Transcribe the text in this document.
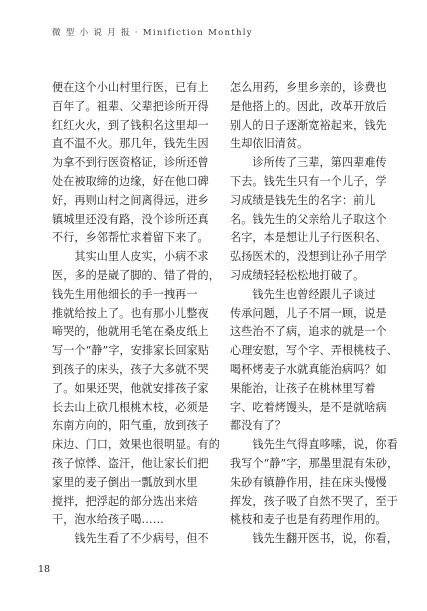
微 型 小 说 月 报 · Minifiction Monthly
便在这个小山村里行医，已有上
百年了。祖辈、父辈把诊所开得
红红火火，到了钱积名这里却一
直不温不火。那几年，钱先生因
为拿不到行医资格证，诊所还曾
处在被取缔的边缘，好在他口碑
好，再则山村之间离得远，进乡
镇城里还没有路，没个诊所还真
不行，乡邻帮忙求着留下来了。
　　其实山里人皮实，小病不求
医，多的是崴了脚的、错了骨的，
钱先生用他细长的手一拽再一
推就给按上了。也有那小儿整夜
啼哭的，他就用毛笔在桑皮纸上
写一个“静”字，安排家长回家贴
到孩子的床头，孩子大多就不哭
了。如果还哭，他就安排孩子家
长去山上砍几根桃木枝，必须是
东南方向的，阳气重，放到孩子
床边、门口，效果也很明显。有的
孩子惊悸、盗汗，他让家长们把
家里的麦子倒出一瓢放到水里
搅拌，把浮起的部分选出来焙
干，泡水给孩子喝……
　　钱先生看了不少病号，但不
怎么用药，乡里乡亲的，诊费也
是他搭上的。因此，改革开放后
别人的日子逐渐宽裕起来，钱先
生却依旧清贫。
　　诊所传了三辈，第四辈难传
下去。钱先生只有一个儿子，学
习成绩是钱先生的名字：前儿
名。钱先生的父亲给儿子取这个
名字，本是想让儿子行医积名、
弘扬医术的，没想到让孙子用学
习成绩轻轻松松地打破了。
　　钱先生也曾经跟儿子谈过
传承问题，儿子不屑一顾，说是
这些治不了病，追求的就是一个
心理安慰，写个字、弄根桃枝子、
喝杯烤麦子水就真能治病吗？如
果能治，让孩子在桃林里写着
字、吃着烤馒头，是不是就啥病
都没有了？
　　钱先生气得直哆嗦，说，你看
我写个“静”字，那墨里混有朱砂，
朱砂有镇静作用，挂在床头慢慢
挥发，孩子吸了自然不哭了，至于
桃枝和麦子也是有药理作用的。
　　钱先生翻开医书，说，你看，
18
